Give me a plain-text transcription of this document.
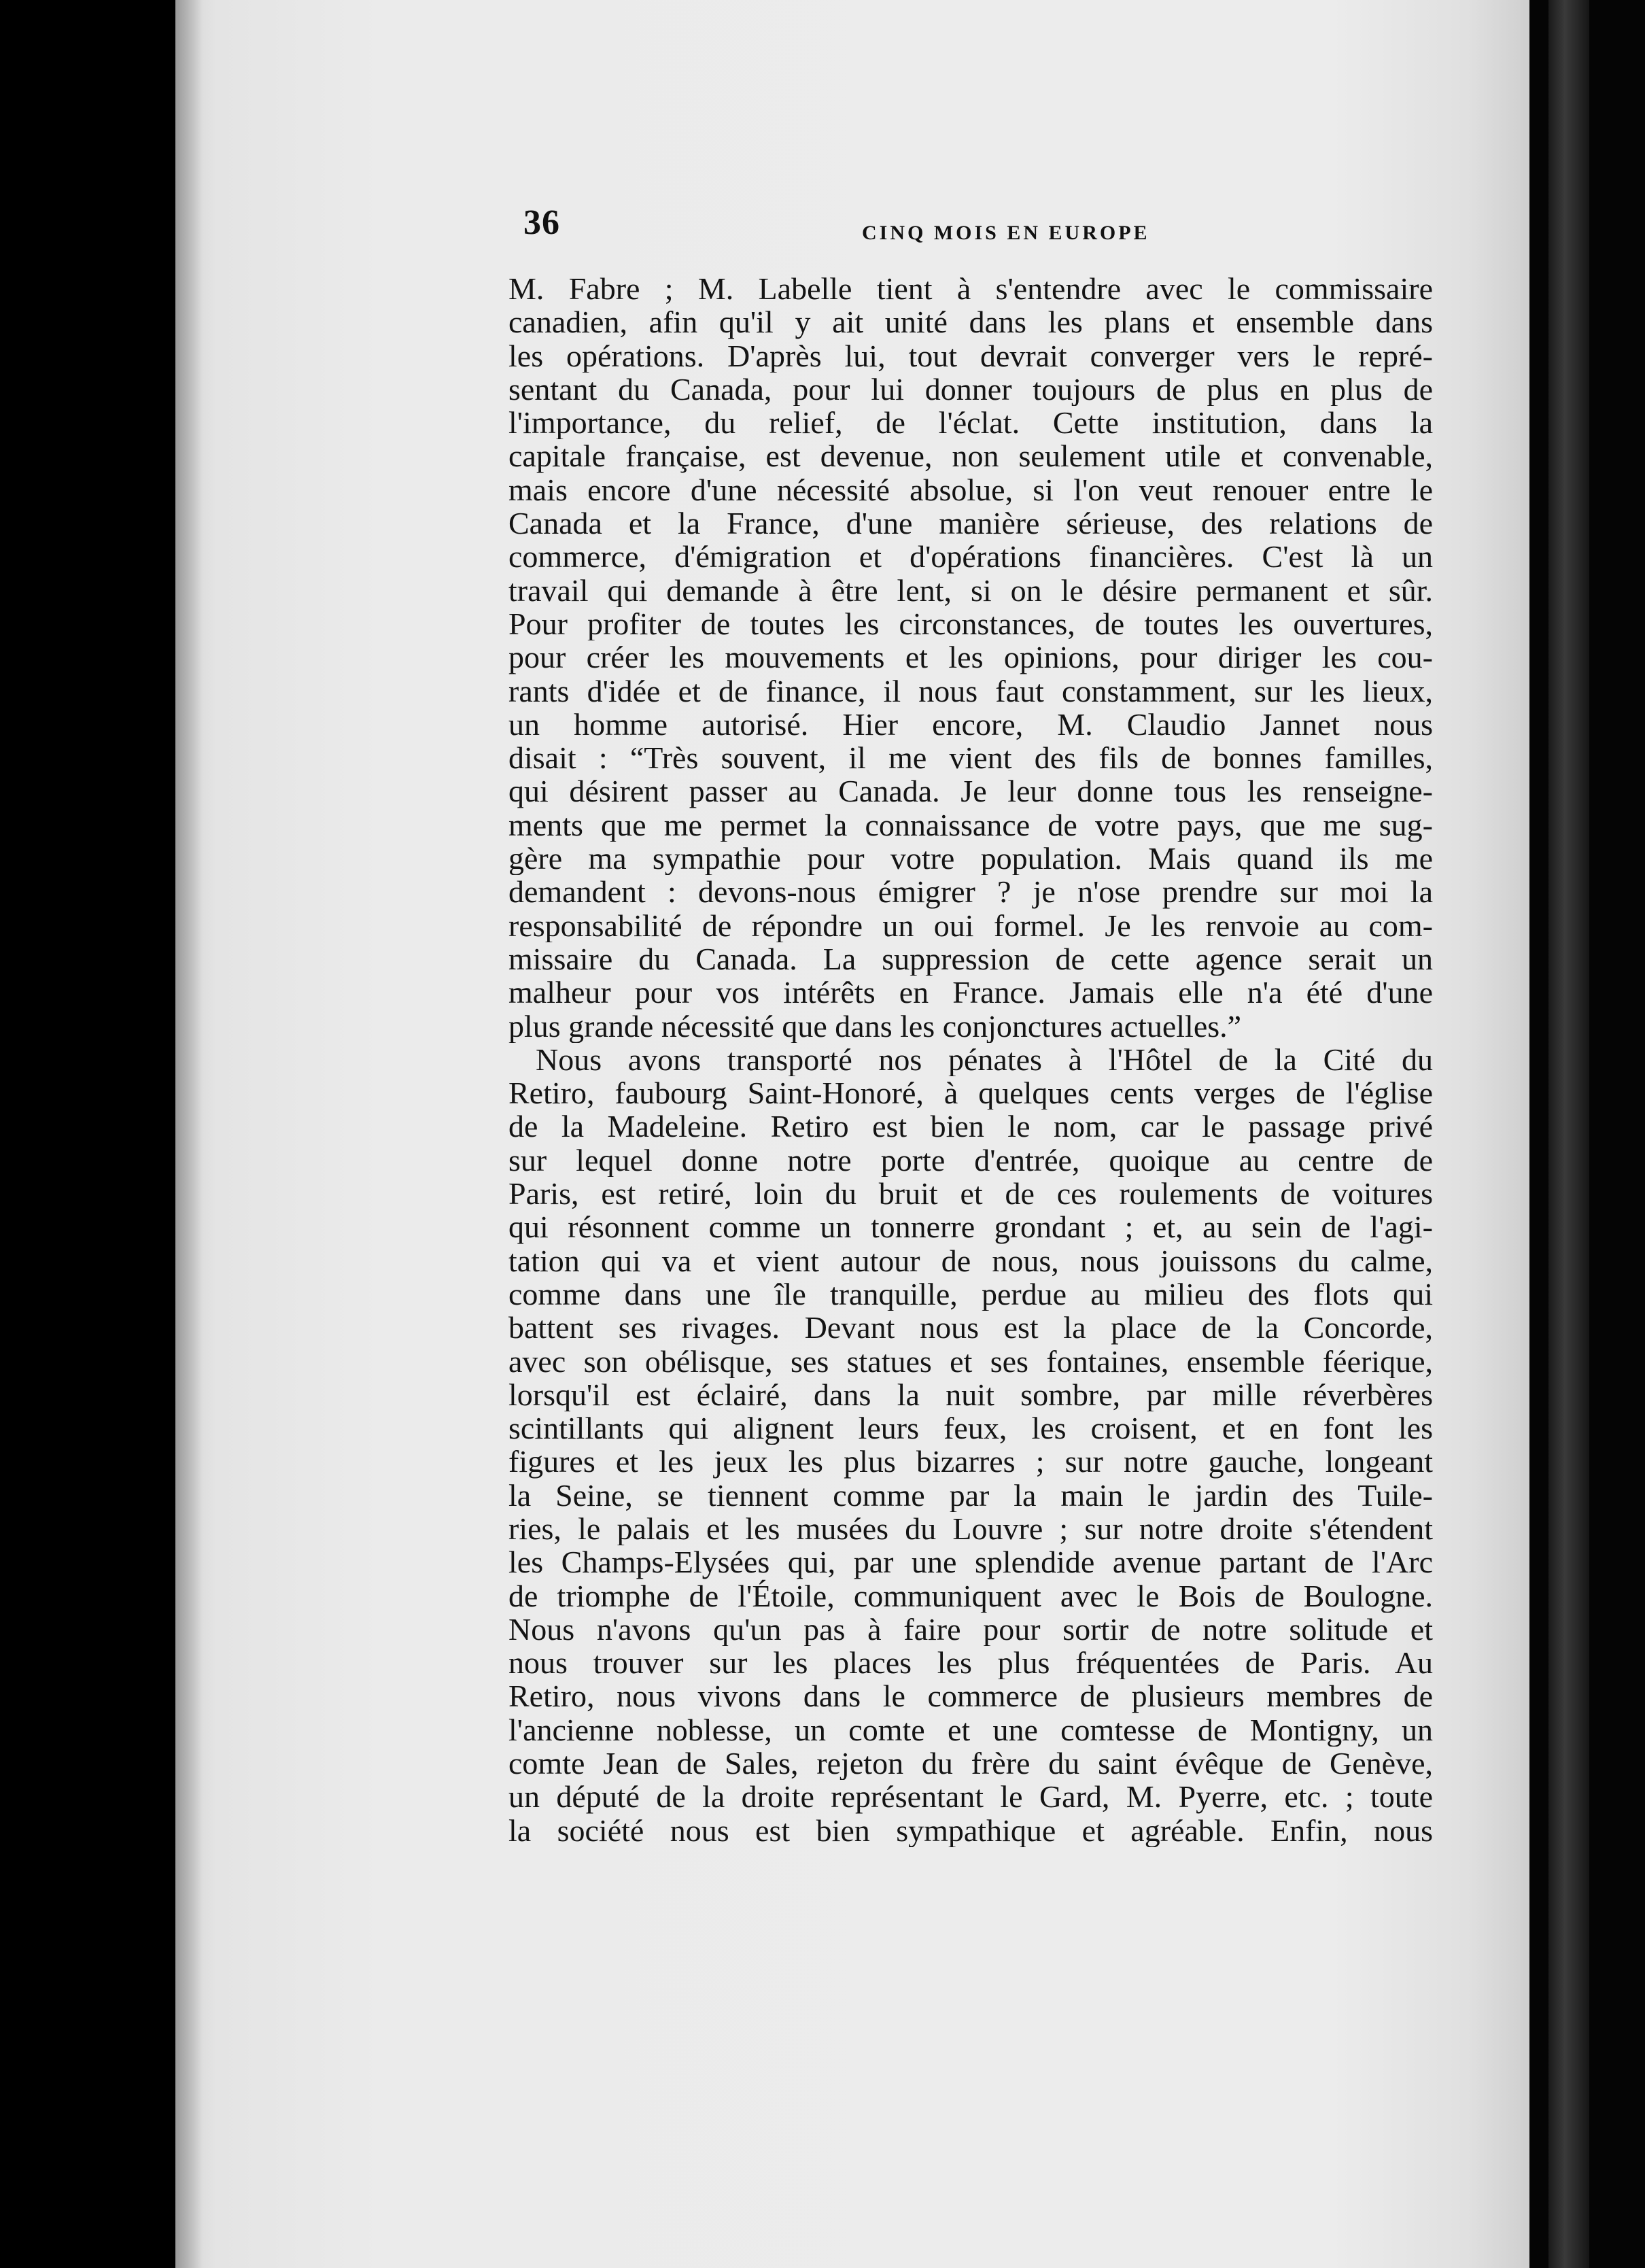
36	CINQ MOIS EN EUROPE
M. Fabre ; M. Labelle tient à s'entendre avec le commissaire
canadien, afin qu'il y ait unité dans les plans et ensemble dans
les opérations. D'après lui, tout devrait converger vers le repré-
sentant du Canada, pour lui donner toujours de plus en plus de
l'importance, du relief, de l'éclat. Cette institution, dans la
capitale française, est devenue, non seulement utile et convenable,
mais encore d'une nécessité absolue, si l'on veut renouer entre le
Canada et la France, d'une manière sérieuse, des relations de
commerce, d'émigration et d'opérations financières. C'est là un
travail qui demande à être lent, si on le désire permanent et sûr.
Pour profiter de toutes les circonstances, de toutes les ouvertures,
pour créer les mouvements et les opinions, pour diriger les cou-
rants d'idée et de finance, il nous faut constamment, sur les lieux,
un homme autorisé. Hier encore, M. Claudio Jannet nous
disait : “Très souvent, il me vient des fils de bonnes familles,
qui désirent passer au Canada. Je leur donne tous les renseigne-
ments que me permet la connaissance de votre pays, que me sug-
gère ma sympathie pour votre population. Mais quand ils me
demandent : devons-nous émigrer ? je n'ose prendre sur moi la
responsabilité de répondre un oui formel. Je les renvoie au com-
missaire du Canada. La suppression de cette agence serait un
malheur pour vos intérêts en France. Jamais elle n'a été d'une
plus grande nécessité que dans les conjonctures actuelles.”
Nous avons transporté nos pénates à l'Hôtel de la Cité du
Retiro, faubourg Saint-Honoré, à quelques cents verges de l'église
de la Madeleine. Retiro est bien le nom, car le passage privé
sur lequel donne notre porte d'entrée, quoique au centre de
Paris, est retiré, loin du bruit et de ces roulements de voitures
qui résonnent comme un tonnerre grondant ; et, au sein de l'agi-
tation qui va et vient autour de nous, nous jouissons du calme,
comme dans une île tranquille, perdue au milieu des flots qui
battent ses rivages. Devant nous est la place de la Concorde,
avec son obélisque, ses statues et ses fontaines, ensemble féerique,
lorsqu'il est éclairé, dans la nuit sombre, par mille réverbères
scintillants qui alignent leurs feux, les croisent, et en font les
figures et les jeux les plus bizarres ; sur notre gauche, longeant
la Seine, se tiennent comme par la main le jardin des Tuile-
ries, le palais et les musées du Louvre ; sur notre droite s'étendent
les Champs-Elysées qui, par une splendide avenue partant de l'Arc
de triomphe de l'Étoile, communiquent avec le Bois de Boulogne.
Nous n'avons qu'un pas à faire pour sortir de notre solitude et
nous trouver sur les places les plus fréquentées de Paris. Au
Retiro, nous vivons dans le commerce de plusieurs membres de
l'ancienne noblesse, un comte et une comtesse de Montigny, un
comte Jean de Sales, rejeton du frère du saint évêque de Genève,
un député de la droite représentant le Gard, M. Pyerre, etc. ; toute
la société nous est bien sympathique et agréable. Enfin, nous
